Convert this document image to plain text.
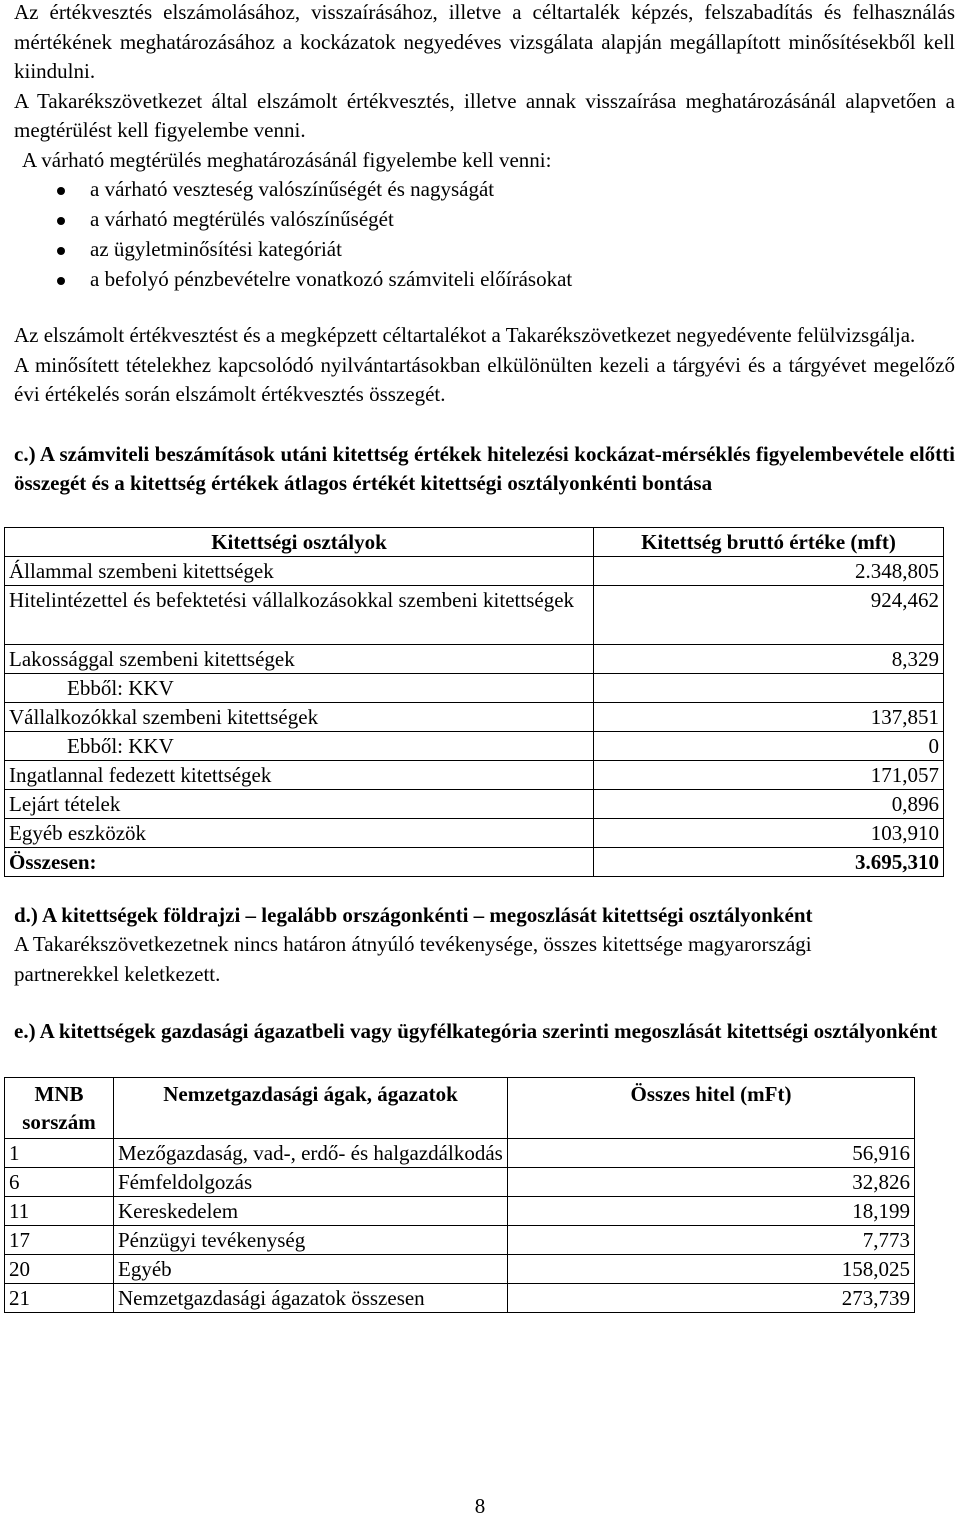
Az értékvesztés elszámolásához, visszaírásához, illetve a céltartalék képzés, felszabadítás és felhasználás mértékének meghatározásához a kockázatok negyedéves vizsgálata alapján megállapított minősítésekből kell kiindulni.

A Takarékszövetkezet által elszámolt értékvesztés, illetve annak visszaírása meghatározásánál alapvetően a megtérülést kell figyelembe venni.

A várható megtérülés meghatározásánál figyelembe kell venni:

a várható veszteség valószínűségét és nagyságát
a várható megtérülés valószínűségét
az ügyletminősítési kategóriát
a befolyó pénzbevételre vonatkozó számviteli előírásokat

Az elszámolt értékvesztést és a megképzett céltartalékot a Takarékszövetkezet negyedévente felülvizsgálja.

A minősített tételekhez kapcsolódó nyilvántartásokban elkülönülten kezeli a tárgyévi és a tárgyévet megelőző évi értékelés során elszámolt értékvesztés összegét.

c.) A számviteli beszámítások utáni kitettség értékek hitelezési kockázat-mérséklés figyelembevétele előtti összegét és a kitettség értékek átlagos értékét kitettségi osztályonkénti bontása

Kitettségi osztályok	Kitettség bruttó értéke (mft)
Állammal szembeni kitettségek	2.348,805
Hitelintézettel és befektetési vállalkozásokkal szembeni kitettségek	924,462
Lakossággal szembeni kitettségek	8,329
Ebből: KKV	
Vállalkozókkal szembeni kitettségek	137,851
Ebből: KKV	0
Ingatlannal fedezett kitettségek	171,057
Lejárt tételek	0,896
Egyéb eszközök	103,910
Összesen:	3.695,310

d.) A kitettségek földrajzi – legalább országonkénti – megoszlását kitettségi osztályonként

A Takarékszövetkezetnek nincs határon átnyúló tevékenysége, összes kitettsége magyarországi partnerekkel keletkezett.

e.) A kitettségek gazdasági ágazatbeli vagy ügyfélkategória szerinti megoszlását kitettségi osztályonként

MNB sorszám	Nemzetgazdasági ágak, ágazatok	Összes hitel (mFt)
1	Mezőgazdaság, vad-, erdő- és halgazdálkodás	56,916
6	Fémfeldolgozás	32,826
11	Kereskedelem	18,199
17	Pénzügyi tevékenység	7,773
20	Egyéb	158,025
21	Nemzetgazdasági ágazatok összesen	273,739
8
